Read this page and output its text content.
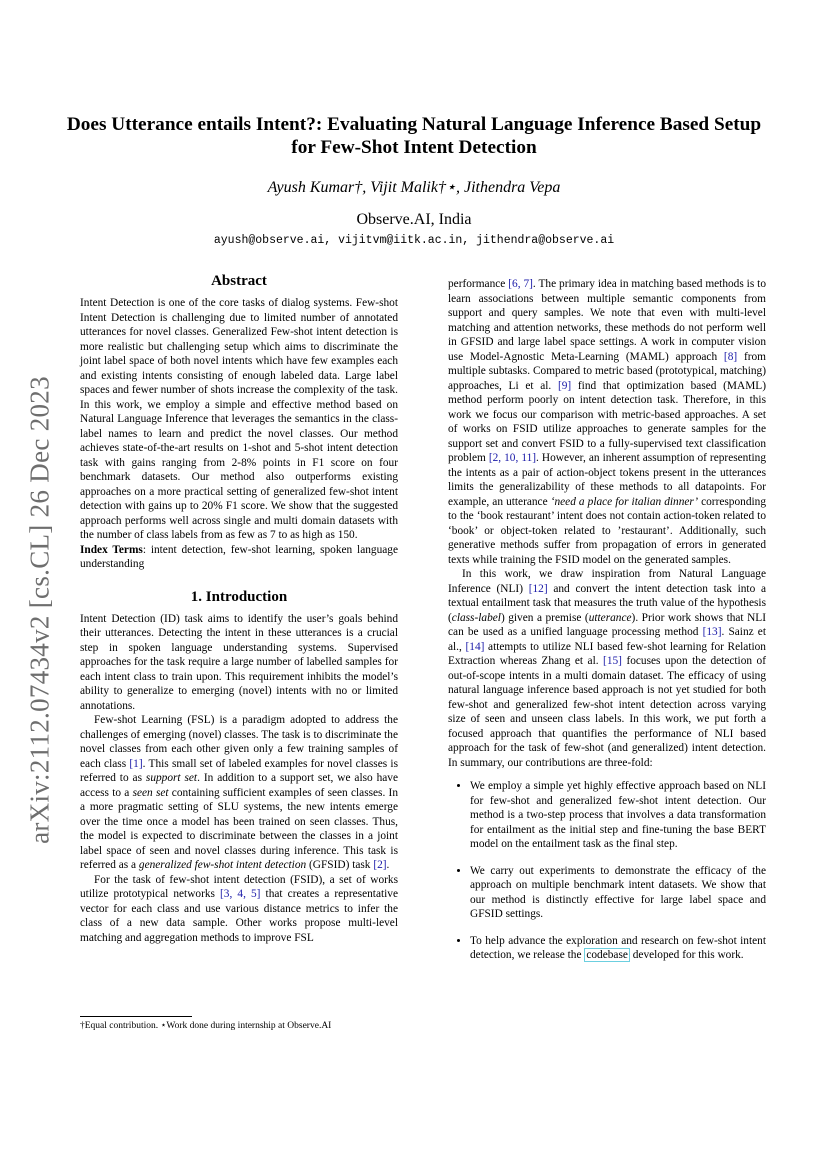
arXiv:2112.07434v2 [cs.CL] 26 Dec 2023
Does Utterance entails Intent?: Evaluating Natural Language Inference Based Setup for Few-Shot Intent Detection
Ayush Kumar†, Vijit Malik†⋆, Jithendra Vepa
Observe.AI, India
ayush@observe.ai, vijitvm@iitk.ac.in, jithendra@observe.ai
Abstract

Intent Detection is one of the core tasks of dialog systems. Few-shot Intent Detection is challenging due to limited number of annotated utterances for novel classes. Generalized Few-shot intent detection is more realistic but challenging setup which aims to discriminate the joint label space of both novel intents which have few examples each and existing intents consisting of enough labeled data. Large label spaces and fewer number of shots increase the complexity of the task. In this work, we employ a simple and effective method based on Natural Language Inference that leverages the semantics in the class-label names to learn and predict the novel classes. Our method achieves state-of-the-art results on 1-shot and 5-shot intent detection task with gains ranging from 2-8% points in F1 score on four benchmark datasets. Our method also outperforms existing approaches on a more practical setting of generalized few-shot intent detection with gains up to 20% F1 score. We show that the suggested approach performs well across single and multi domain datasets with the number of class labels from as few as 7 to as high as 150.

Index Terms: intent detection, few-shot learning, spoken language understanding

1. Introduction

Intent Detection (ID) task aims to identify the user’s goals behind their utterances. Detecting the intent in these utterances is a crucial step in spoken language understanding systems. Supervised approaches for the task require a large number of labelled samples for each intent class to train upon. This requirement inhibits the model’s ability to generalize to emerging (novel) intents with no or limited annotations.

Few-shot Learning (FSL) is a paradigm adopted to address the challenges of emerging (novel) classes. The task is to discriminate the novel classes from each other given only a few training samples of each class [1]. This small set of labeled examples for novel classes is referred to as support set. In addition to a support set, we also have access to a seen set containing sufficient examples of seen classes. In a more pragmatic setting of SLU systems, the new intents emerge over the time once a model has been trained on seen classes. Thus, the model is expected to discriminate between the classes in a joint label space of seen and novel classes during inference. This task is referred as a generalized few-shot intent detection (GFSID) task [2].

For the task of few-shot intent detection (FSID), a set of works utilize prototypical networks [3, 4, 5] that creates a representative vector for each class and use various distance metrics to infer the class of a new data sample. Other works propose multi-level matching and aggregation methods to improve FSL

performance [6, 7]. The primary idea in matching based methods is to learn associations between multiple semantic components from support and query samples. We note that even with multi-level matching and attention networks, these methods do not perform well in GFSID and large label space settings. A work in computer vision use Model-Agnostic Meta-Learning (MAML) approach [8] from multiple subtasks. Compared to metric based (prototypical, matching) approaches, Li et al. [9] find that optimization based (MAML) method perform poorly on intent detection task. Therefore, in this work we focus our comparison with metric-based approaches. A set of works on FSID utilize approaches to generate samples for the support set and convert FSID to a fully-supervised text classification problem [2, 10, 11]. However, an inherent assumption of representing the intents as a pair of action-object tokens present in the utterances limits the generalizability of these methods to all datapoints. For example, an utterance ‘need a place for italian dinner’ corresponding to the ‘book restaurant’ intent does not contain action-token related to ‘book’ or object-token related to ’restaurant’. Additionally, such generative methods suffer from propagation of errors in generated texts while training the FSID model on the generated samples.

In this work, we draw inspiration from Natural Language Inference (NLI) [12] and convert the intent detection task into a textual entailment task that measures the truth value of the hypothesis (class-label) given a premise (utterance). Prior work shows that NLI can be used as a unified language processing method [13]. Sainz et al., [14] attempts to utilize NLI based few-shot learning for Relation Extraction whereas Zhang et al. [15] focuses upon the detection of out-of-scope intents in a multi domain dataset. The efficacy of using natural language inference based approach is not yet studied for both few-shot and generalized few-shot intent detection across varying size of seen and unseen class labels. In this work, we put forth a focused approach that quantifies the performance of NLI based approach for the task of few-shot (and generalized) intent detection. In summary, our contributions are three-fold:

• We employ a simple yet highly effective approach based on NLI for few-shot and generalized few-shot intent detection. Our method is a two-step process that involves a data transformation for entailment as the initial step and fine-tuning the base BERT model on the entailment task as the final step.
• We carry out experiments to demonstrate the efficacy of the approach on multiple benchmark intent datasets. We show that our method is distinctly effective for large label space and GFSID settings.
• To help advance the exploration and research on few-shot intent detection, we release the codebase developed for this work.
†Equal contribution. ⋆Work done during internship at Observe.AI
